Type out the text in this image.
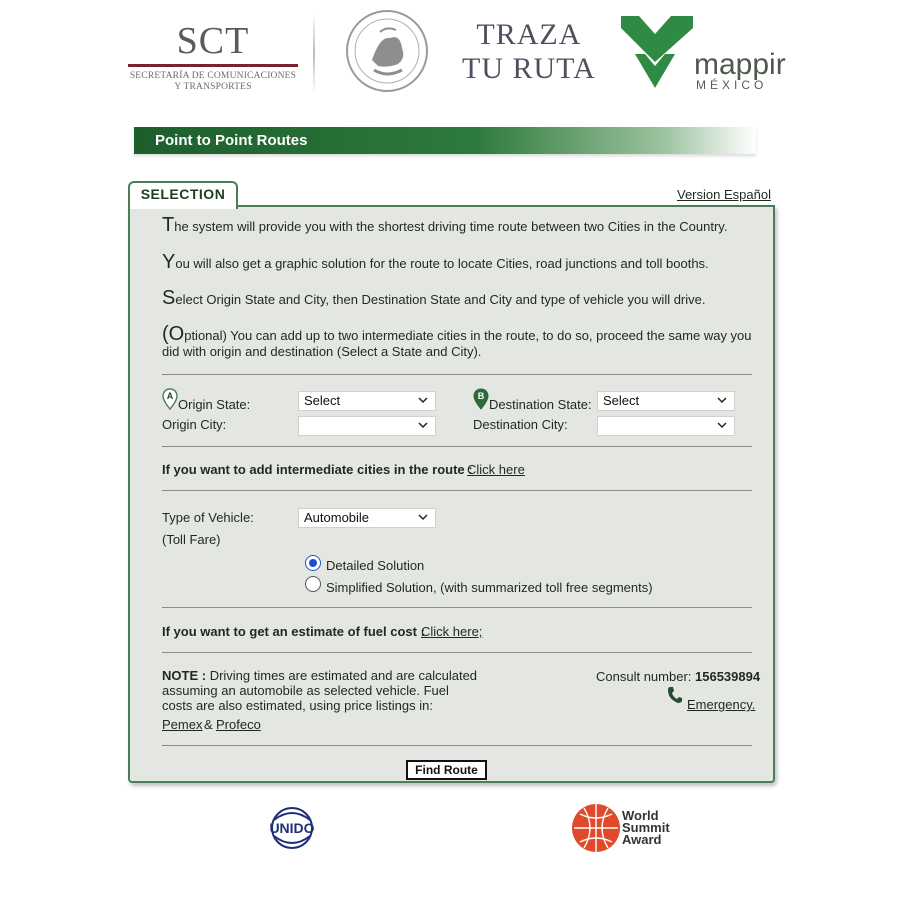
SCT
SECRETARÍA DE COMUNICACIONES
Y TRANSPORTES
TRAZA
TU RUTA	mappir
MÉXICO
Point to Point Routes
SELECTION	Version Español
The system will provide you with the shortest driving time route between two Cities in the Country.
You will also get a graphic solution for the route to locate Cities, road junctions and toll booths.
Select Origin State and City, then Destination State and City and type of vehicle you will drive.
(Optional) You can add up to two intermediate cities in the route, to do so, proceed the same way you did with origin and destination (Select a State and City).
A
Origin State:	Select
Origin City:
B
Destination State: Select
Destination City:
If you want to add intermediate cities in the route :
Click here
Type of Vehicle:	Automobile
(Toll Fare)
Detailed Solution
Simplified Solution, (with summarized toll free segments)
If you want to get an estimate of fuel cost :
Click here;
NOTE : Driving times are estimated and are calculated
assuming an automobile as selected vehicle. Fuel
costs are also estimated, using price listings in:
Pemex & Profeco
Consult number: 156539894
Emergency.
Find Route
UNIDO
World
Summit
Award
